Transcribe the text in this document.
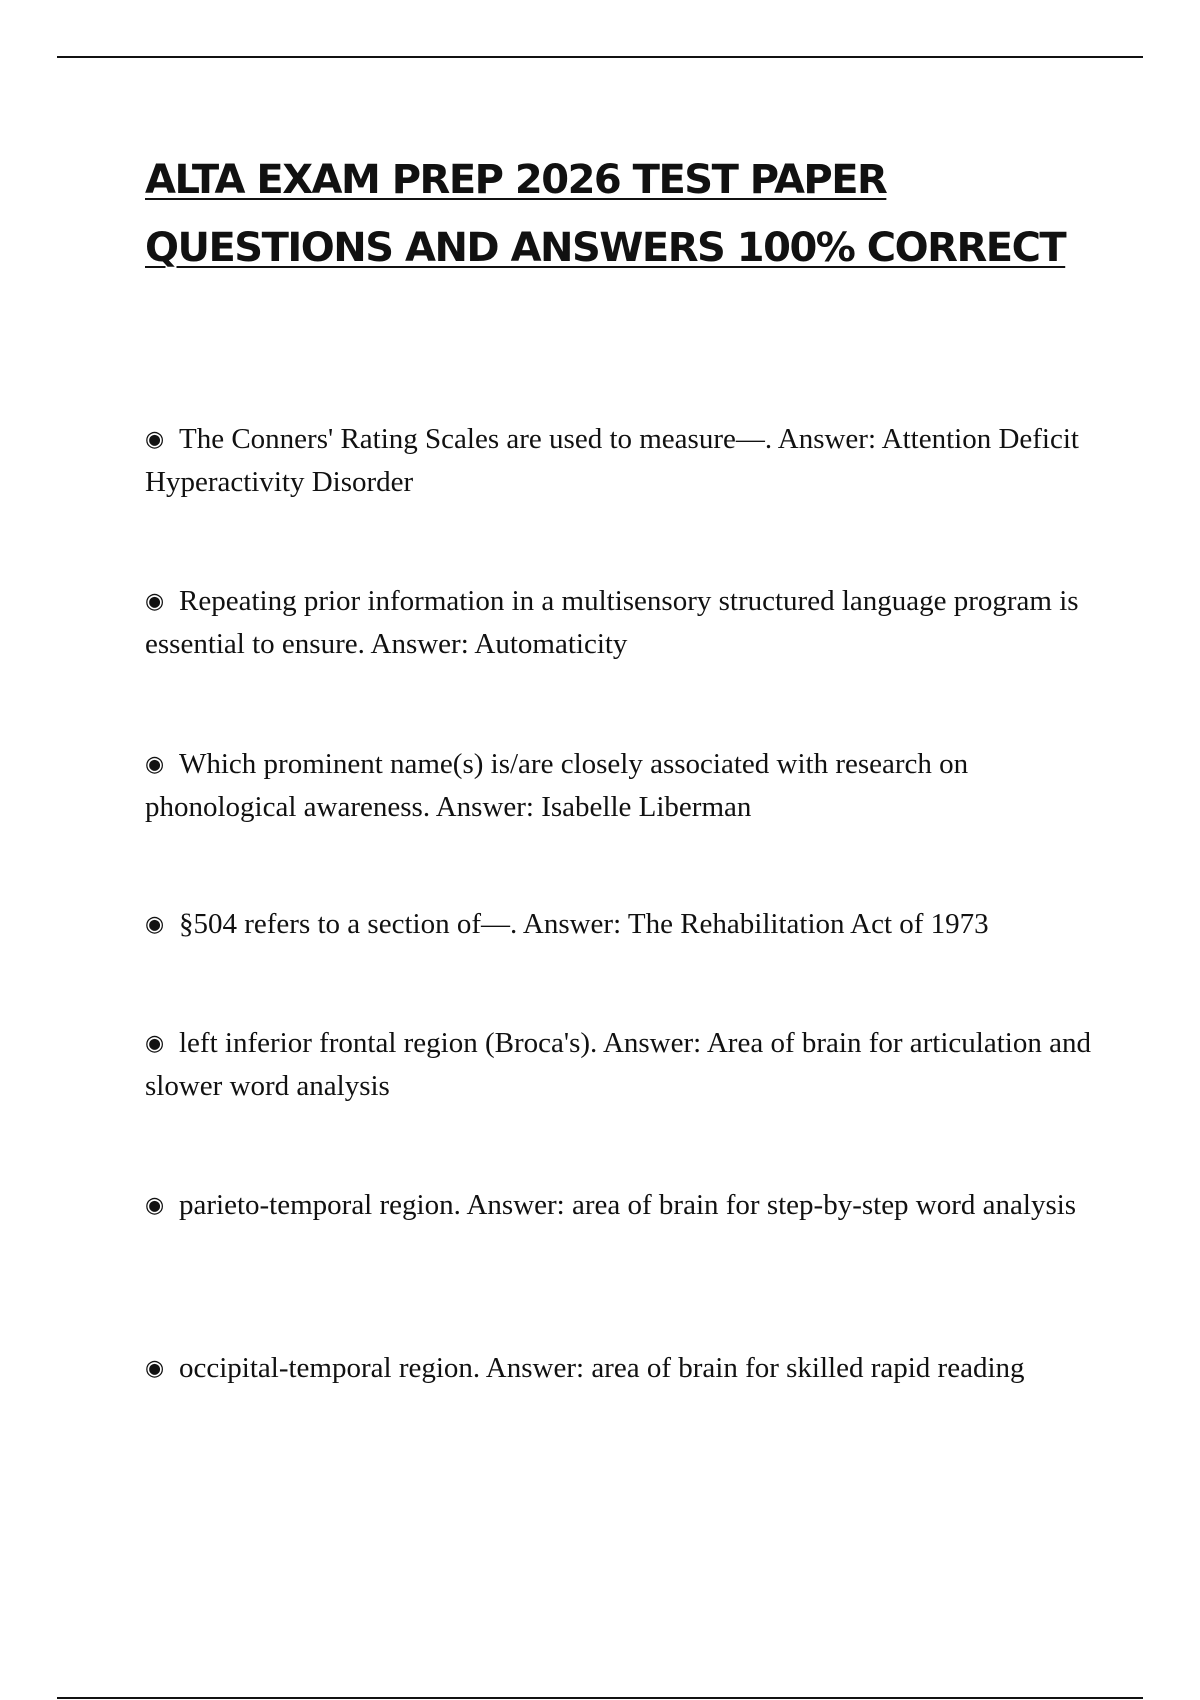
ALTA EXAM PREP 2026 TEST PAPER
QUESTIONS AND ANSWERS 100% CORRECT
◉ The Conners' Rating Scales are used to measure—. Answer: Attention Deficit Hyperactivity Disorder
◉ Repeating prior information in a multisensory structured language program is essential to ensure. Answer: Automaticity
◉ Which prominent name(s) is/are closely associated with research on phonological awareness. Answer: Isabelle Liberman
◉ §504 refers to a section of—. Answer: The Rehabilitation Act of 1973
◉ left inferior frontal region (Broca's). Answer: Area of brain for articulation and slower word analysis
◉ parieto-temporal region. Answer: area of brain for step-by-step word analysis
◉ occipital-temporal region. Answer: area of brain for skilled rapid reading
